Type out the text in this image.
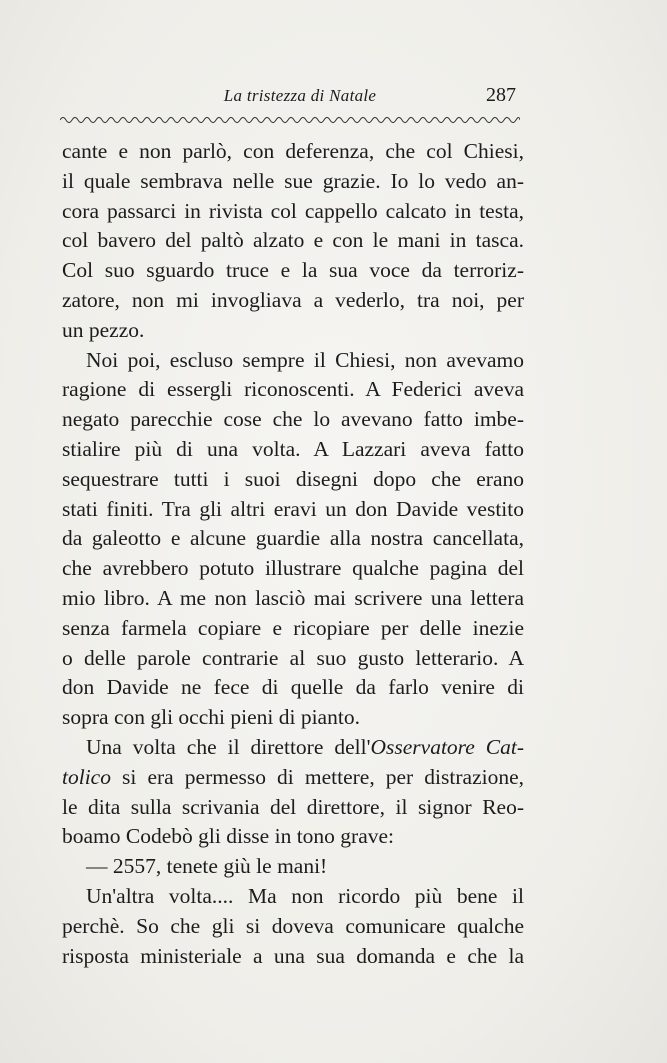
La tristezza di Natale	287
cante e non parlò, con deferenza, che col Chiesi,
il quale sembrava nelle sue grazie. Io lo vedo an-
cora passarci in rivista col cappello calcato in testa,
col bavero del paltò alzato e con le mani in tasca.
Col suo sguardo truce e la sua voce da terroriz-
zatore, non mi invogliava a vederlo, tra noi, per
un pezzo.
Noi poi, escluso sempre il Chiesi, non avevamo
ragione di essergli riconoscenti. A Federici aveva
negato parecchie cose che lo avevano fatto imbe-
stialire più di una volta. A Lazzari aveva fatto
sequestrare tutti i suoi disegni dopo che erano
stati finiti. Tra gli altri eravi un don Davide vestito
da galeotto e alcune guardie alla nostra cancellata,
che avrebbero potuto illustrare qualche pagina del
mio libro. A me non lasciò mai scrivere una lettera
senza farmela copiare e ricopiare per delle inezie
o delle parole contrarie al suo gusto letterario. A
don Davide ne fece di quelle da farlo venire di
sopra con gli occhi pieni di pianto.
Una volta che il direttore dell'Osservatore Cat-
tolico si era permesso di mettere, per distrazione,
le dita sulla scrivania del direttore, il signor Reo-
boamo Codebò gli disse in tono grave:
— 2557, tenete giù le mani!
Un'altra volta.... Ma non ricordo più bene il
perchè. So che gli si doveva comunicare qualche
risposta ministeriale a una sua domanda e che la
